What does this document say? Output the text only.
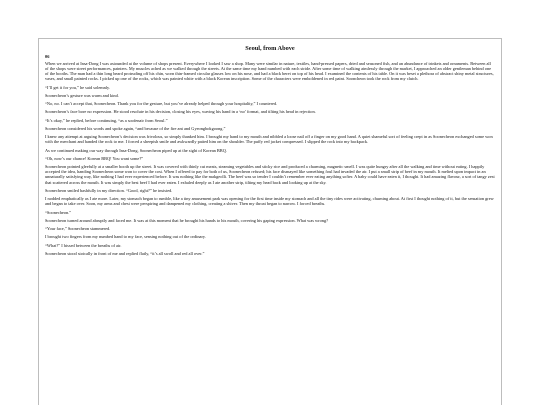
Seoul, from Above
06

When we arrived at Insa-Dong I was astounded at the volume of shops present. Everywhere I looked I saw a shop. Many were similar in nature, textiles, hand-pressed papers, dried and seasoned fish, and an abundance of trinkets and ornaments. Between all of the shops were street performances, painters. My muscles ached as we walked through the streets. At the same time my hand numbed with each stride. After some time of walking aimlessly through the market, I approached an older gentleman behind one of the booths. The man had a thin long beard protruding off his chin, worn thin-framed circular glasses low on his nose, and had a black beret on top of his head. I examined the contents of his table. On it was beset a plethora of abstract shiny metal structures, vases, and small painted rocks. I picked up one of the rocks, which was painted white with a black Korean inscription. Some of the characters were emboldened in red paint. Sooncheon took the rock from my clutch.

“I’ll get it for you,” he said solemnly.

Soonecheon’s gesture was warm and kind.

“No, no. I can’t accept that, Soonecheon. Thank you for the gesture, but you’ve already helped through your hospitality,” I countered.

Soonecheon’s face bore no expression. He stood resolute in his decision, closing his eyes, waving his hand in a ‘no’ format, and tilting his head in rejection.

“It’s okay,” he replied, before continuing, “as a soofenair from Seoul.”

Soonecheon considered his words and spoke again, “and because of the fire ant and Gyeongbokgoong.”

I knew any attempt at arguing Soonecheon’s decision was frivolous, so simply thanked him. I brought my hand to my mouth and nibbled a loose nail off a finger on my good hand. A quiet shameful sort of feeling crept in as Soonecheon exchanged some won with the merchant and handed the rock to me. I forced a sheepish smile and awkwardly patted him on the shoulder. The puffy red jacket compressed. I slipped the rock into my backpack.

As we continued making our way through Insa-Dong, Soonecheon piped up at the sight of Korean BBQ.

“Oh, now’s our chance! Korean BBQ! You want some?”

Soonecheon pointed gleefully at a smaller booth up the street. It was covered with thinly cut meats, steaming vegetables and sticky rice and produced a charming, magnetic smell. I was quite hungry after all the walking and time without eating. I happily accepted the idea, handing Soonecheon some won to cover the cost. When I offered to pay for both of us, Soonecheon refused; his face dismayed like something foul had invaded the air. I put a small strip of beef in my mouth. It melted upon impact in an unnaturally satisfying way, like nothing I had ever experienced before. It was nothing like the makgeolli. The beef was so tender I couldn’t remember ever eating anything softer. A baby could have eaten it, I thought. It had amazing flavour, a sort of tangy zest that scattered across the mouth. It was simply the best beef I had ever eaten. I exhaled deeply as I ate another strip, tilting my head back and looking up at the sky.

Soonecheon smiled bashfully in my direction. “Good, right?” he insisted.

I nodded emphatically as I ate more. Later, my stomach began to rumble, like a tiny amusement park was opening for the first time inside my stomach and all the tiny rides were activating, churning about. At first I thought nothing of it, but the sensation grew and began to take over. Soon, my arms and chest were perspiring and dampened my clothing, creating a shiver. Then my throat began to narrow. I forced breaths.

“Soonecheon.”

Soonecheon turned around abruptly and faced me. It was at this moment that he brought his hands to his mouth, covering his gaping expression. What was wrong?

“Your face,” Soonecheon stammered.

I brought two fingers from my numbed hand to my face, sensing nothing out of the ordinary.

“What?” I hissed between the breaths of air.

Soonecheon stood stoically in front of me and replied flatly, “it’s all swoll and red all over.”
